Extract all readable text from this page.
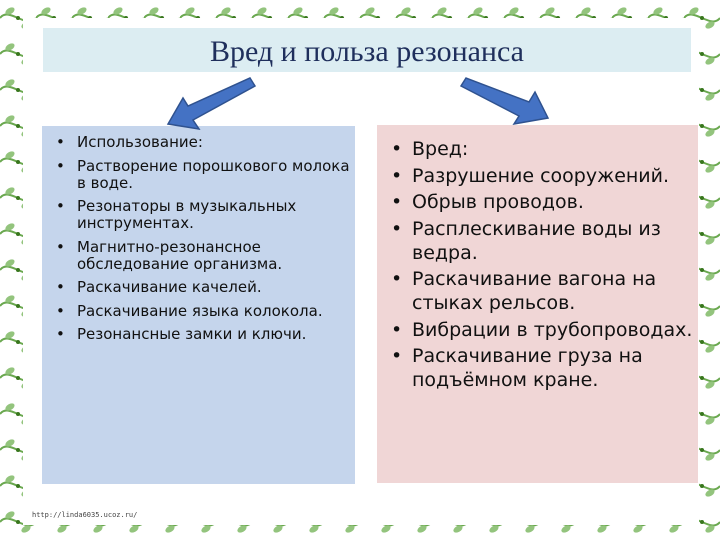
Вред и польза резонанса
• Использование:
• Растворение порошкового молока в воде.
• Резонаторы в музыкальных инструментах.
• Магнитно-резонансное обследование организма.
• Раскачивание качелей.
• Раскачивание языка колокола.
• Резонансные замки и ключи.
• Вред:
• Разрушение сооружений.
• Обрыв проводов.
• Расплескивание воды из ведра.
• Раскачивание вагона на стыках рельсов.
• Вибрации в трубопроводах.
• Раскачивание груза на подъёмном кране.
http://linda6035.ucoz.ru/
